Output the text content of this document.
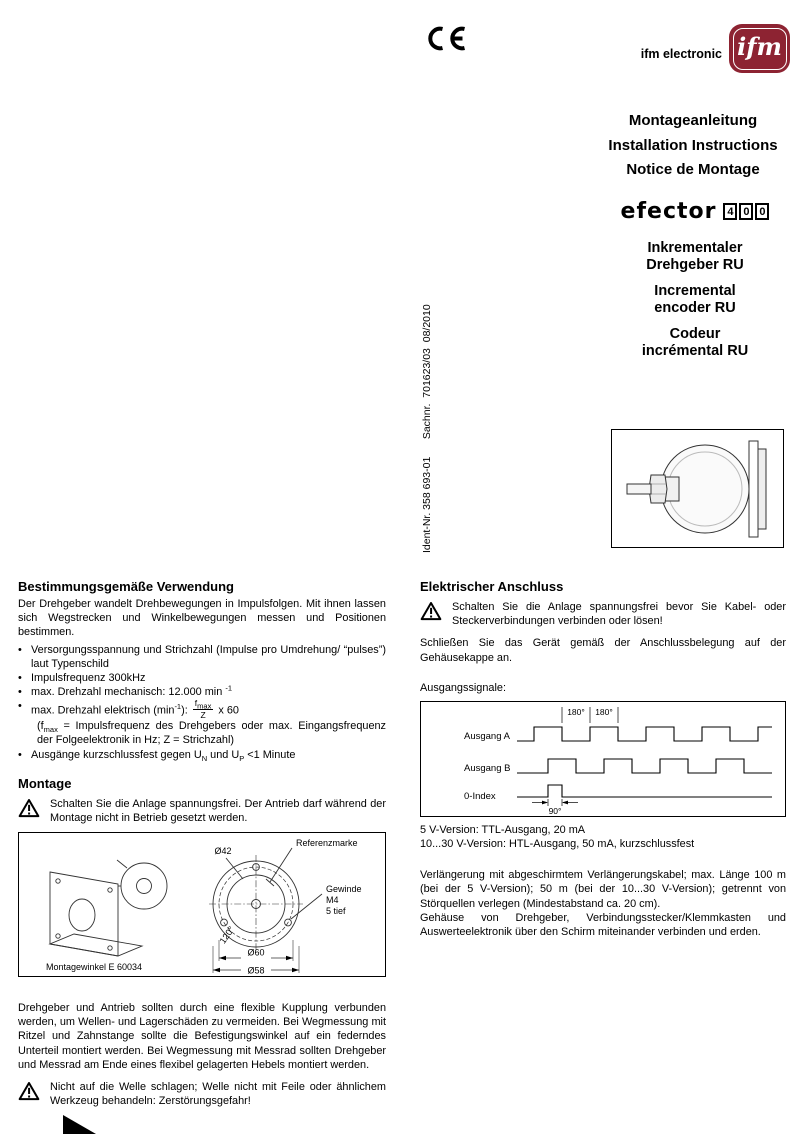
ifm electronic ifm
Montageanleitung
Installation Instructions
Notice de Montage
efector 4 0 0
Inkrementaler
Drehgeber RU
Incremental
encoder RU
Codeur
incrémental RU
Ident-Nr. 358 693-01      Sachnr.  701623/03  08/2010
Bestimmungsgemäße Verwendung

Der Drehgeber wandelt Drehbewegungen in Impulsfolgen. Mit ihnen lassen sich Wegstrecken und Winkelbewegungen messen und Positionen bestimmen.

• Versorgungsspannung und Strichzahl (Impulse pro Umdrehung/ “pulses”) laut Typenschild
• Impulsfrequenz 300kHz
• max. Drehzahl mechanisch: 12.000 min $^{-1}$
• max. Drehzahl elektrisch $(\min^{-1})$: $\frac{f_{max}}{Z}$ x 60
($f_{max}$ = Impulsfrequenz des Drehgebers oder max. Eingangsfrequenz der Folgeelektronik in Hz; Z = Strichzahl)
• Ausgänge kurzschlussfest gegen $U_N$ und $U_P <1$ Minute
Montage

Schalten Sie die Anlage spannungsfrei. Der Antrieb darf während der Montage nicht in Betrieb gesetzt werden.

Montagewinkel E 60034
Ø42
Referenzmarke
Gewinde
M4
5 tief
120°
Ø60
Ø58

Drehgeber und Antrieb sollten durch eine flexible Kupplung verbunden werden, um Wellen- und Lagerschäden zu vermeiden. Bei Wegmessung mit Ritzel und Zahnstange sollte die Befestigungswinkel auf ein federndes Unterteil montiert werden. Bei Wegmessung mit Messrad sollten Drehgeber und Messrad am Ende eines flexibel gelagerten Hebels montiert werden.

Nicht auf die Welle schlagen; Welle nicht mit Feile oder ähnlichem Werkzeug behandeln: Zerstörungsgefahr!

Elektrischer Anschluss

Schalten Sie die Anlage spannungsfrei bevor Sie Kabel- oder Steckerverbindungen verbinden oder lösen!

Schließen Sie das Gerät gemäß der Anschlussbelegung auf der Gehäusekappe an.

Ausgangssignale:
Ausgang A
Ausgang B
0-Index
180° 180°
90°
5 V-Version: TTL-Ausgang, 20 mA
10...30 V-Version: HTL-Ausgang, 50 mA, kurzschlussfest

Verlängerung mit abgeschirmtem Verlängerungskabel; max. Länge 100 m (bei der 5 V-Version); 50 m (bei der 10...30 V-Version); getrennt von Störquellen verlegen (Mindestabstand ca. 20 cm).

Gehäuse von Drehgeber, Verbindungsstecker/Klemmkasten und Auswerteelektronik über den Schirm miteinander verbinden und erden.
